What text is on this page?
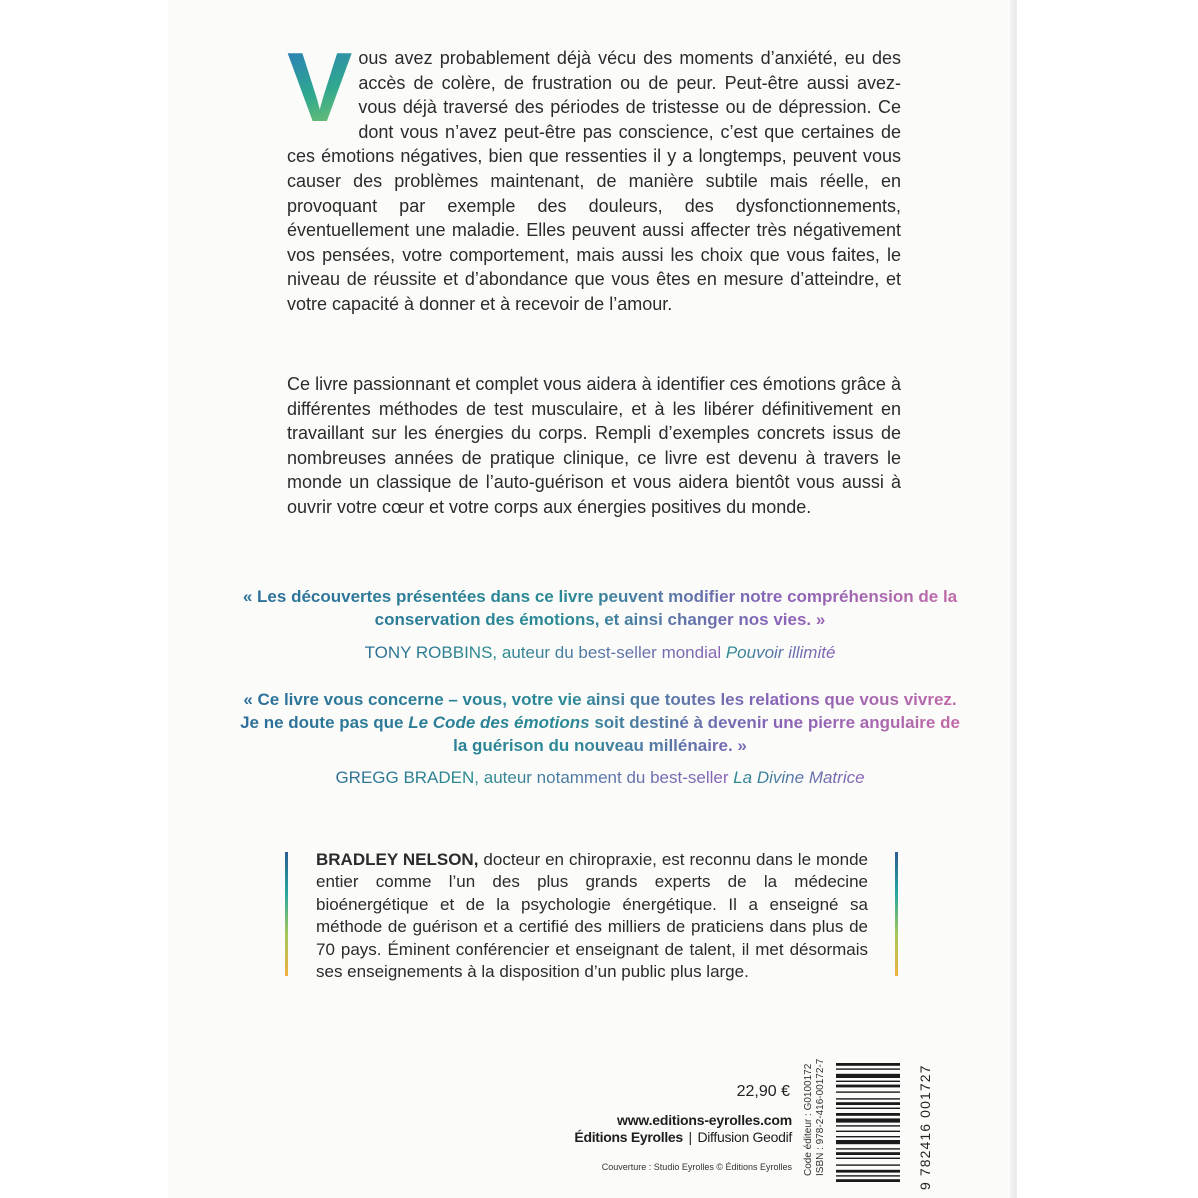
V ous avez probablement déjà vécu des moments d’anxiété, eu des accès de colère, de frustration ou de peur. Peut-être aussi avez-vous déjà traversé des périodes de tristesse ou de dépression. Ce dont vous n’avez peut-être pas conscience, c’est que certaines de ces émotions négatives, bien que ressenties il y a longtemps, peuvent vous causer des problèmes maintenant, de manière subtile mais réelle, en provoquant par exemple des douleurs, des dysfonctionnements, éventuellement une maladie. Elles peuvent aussi affecter très négativement vos pensées, votre comportement, mais aussi les choix que vous faites, le niveau de réussite et d’abondance que vous êtes en mesure d’atteindre, et votre capacité à donner et à recevoir de l’amour.

Ce livre passionnant et complet vous aidera à identifier ces émotions grâce à différentes méthodes de test musculaire, et à les libérer définitivement en travaillant sur les énergies du corps. Rempli d’exemples concrets issus de nombreuses années de pratique clinique, ce livre est devenu à travers le monde un classique de l’auto-guérison et vous aidera bientôt vous aussi à ouvrir votre cœur et votre corps aux énergies positives du monde.

« Les découvertes présentées dans ce livre peuvent modifier notre compréhension de la conservation des émotions, et ainsi changer nos vies. »

TONY ROBBINS, auteur du best-seller mondial Pouvoir illimité

« Ce livre vous concerne – vous, votre vie ainsi que toutes les relations que vous vivrez. Je ne doute pas que Le Code des émotions soit destiné à devenir une pierre angulaire de la guérison du nouveau millénaire. »

GREGG BRADEN, auteur notamment du best-seller La Divine Matrice

BRADLEY NELSON, docteur en chiropraxie, est reconnu dans le monde entier comme l’un des plus grands experts de la médecine bioénergétique et de la psychologie énergétique. Il a enseigné sa méthode de guérison et a certifié des milliers de praticiens dans plus de 70 pays. Éminent conférencier et enseignant de talent, il met désormais ses enseignements à la disposition d’un public plus large.

22,90 €
www.editions-eyrolles.com
Éditions Eyrolles | Diffusion Geodif
Couverture : Studio Eyrolles © Éditions Eyrolles Code éditeur : G0100172 ISBN : 978-2-416-00172-7	9 782416 001727
